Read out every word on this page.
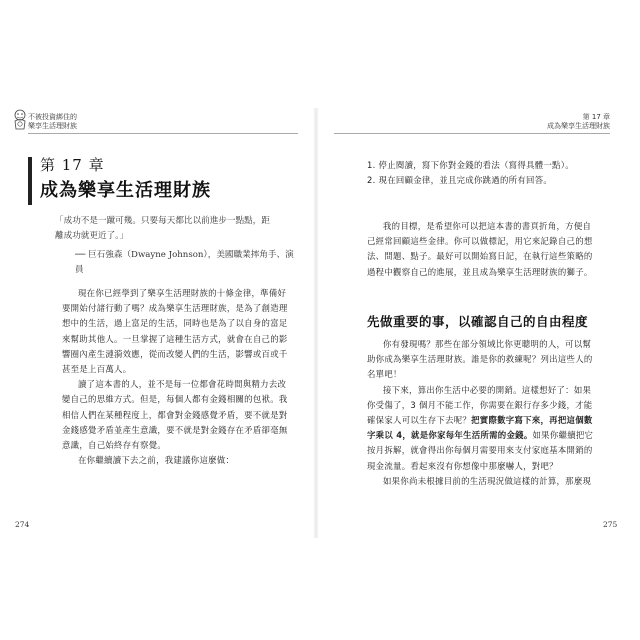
不被投資綁住的
樂享生活理財族
第 17 章
成為樂享生活理財族
「成功不是一蹴可幾。只要每天都比以前進步一點點，距
離成功就更近了。」
── 巨石強森（Dwayne Johnson），美國職業摔角手、演員
現在你已經學到了樂享生活理財族的十條金律，準備好
要開始付諸行動了嗎？成為樂享生活理財族，是為了創造理
想中的生活，過上富足的生活，同時也是為了以自身的富足
來幫助其他人。一旦掌握了這種生活方式，就會在自己的影
響圈內產生漣漪效應，從而改變人們的生活，影響或百或千
甚至是上百萬人。
讀了這本書的人，並不是每一位都會花時間與精力去改
變自己的思維方式。但是，每個人都有金錢相關的包袱。我
相信人們在某種程度上，都會對金錢感覺矛盾，要不就是對
金錢感覺矛盾並產生意識，要不就是對金錢存在矛盾卻毫無
意識，自己始終存有察覺。
在你繼續讀下去之前，我建議你這麼做：
274
第 17 章
成為樂享生活理財族
1. 停止閱讀，寫下你對金錢的看法（寫得具體一點）。
2. 現在回顧金律，並且完成你跳過的所有回答。
我的目標，是希望你可以把這本書的書頁折角，方便自
己經常回顧這些金律。你可以做標記，用它來記錄自己的想
法、問題、點子。最好可以開始寫日記，在執行這些策略的
過程中觀察自己的進展，並且成為樂享生活理財族的獅子。
先做重要的事，以確認自己的自由程度
你有發現嗎？那些在部分領域比你更聰明的人，可以幫
助你成為樂享生活理財族。誰是你的救練呢？列出這些人的
名單吧！
接下來，算出你生活中必要的開銷。這樣想好了：如果
你受傷了，3 個月不能工作，你需要在銀行存多少錢，才能
確保家人可以生存下去呢？把實際數字寫下來，再把這個數
字乘以 4，就是你家每年生活所需的金錢。如果你繼續把它
按月拆解，就會得出你每個月需要用來支付家庭基本開銷的
現金流量。看起來沒有你想像中那麼嚇人，對吧？
如果你尚未根據目前的生活現況做這樣的計算，那麼現
275
